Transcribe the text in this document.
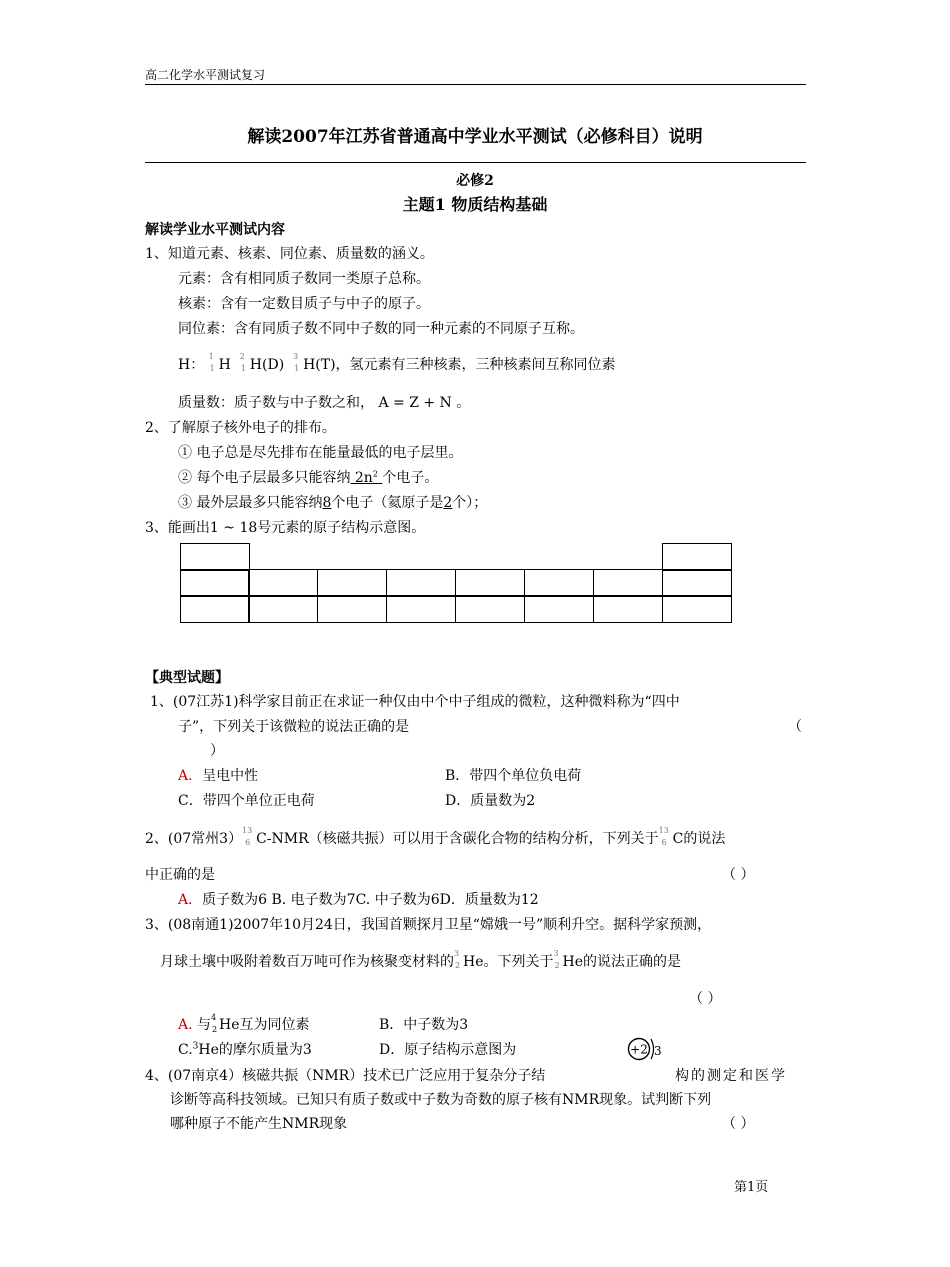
高二化学水平测试复习
解读2007年江苏省普通高中学业水平测试（必修科目）说明
必修2
主题1 物质结构基础
解读学业水平测试内容
1、知道元素、核素、同位素、质量数的涵义。
元素：含有相同质子数同一类原子总称。
核素：含有一定数目质子与中子的原子。
同位素：含有同质子数不同中子数的同一种元素的不同原子互称。
H：
1
1 H
2
1 H(D)
3
1 H(T)，氢元素有三种核素，三种核素间互称同位素
质量数：质子数与中子数之和， A = Z + N 。
2、了解原子核外电子的排布。
① 电子总是尽先排布在能量最低的电子层里。
② 每个电子层最多只能容纳 $2n^2$ 个电子。
③ 最外层最多只能容纳8个电子（氦原子是2个）；
3、能画出1 ~ 18号元素的原子结构示意图。
【典型试题】
1、(07江苏1)科学家目前正在求证一种仅由中个中子组成的微粒，这种微料称为“四中
子”，下列关于该微粒的说法正确的是	（
）
A．呈电中性	B．带四个单位负电荷
C．带四个单位正电荷	D．质量数为2
2、(07常州3）
13
6 C-NMR（核磁共振）可以用于含碳化合物的结构分析，下列关于
13
6 C的说法
中正确的是	（ ）
A．质子数为6 B. 电子数为7C. 中子数为6D．质量数为12
3、(08南通1)2007年10月24日，我国首颗探月卫星“嫦娥一号”顺利升空。据科学家预测，
月球土壤中吸附着数百万吨可作为核聚变材料的
3
2 He。下列关于
3
2 He的说法正确的是
（ ）
A. 与 4
2 He互为同位素	B．中子数为3
C.$^3$He的摩尔质量为3	D．原子结构示意图为	+2 3
4、(07南京4）核磁共振（NMR）技术已广泛应用于复杂分子结	构的测定和医学
诊断等高科技领域。已知只有质子数或中子数为奇数的原子核有NMR现象。试判断下列
哪种原子不能产生NMR现象	（ ）
第1页
